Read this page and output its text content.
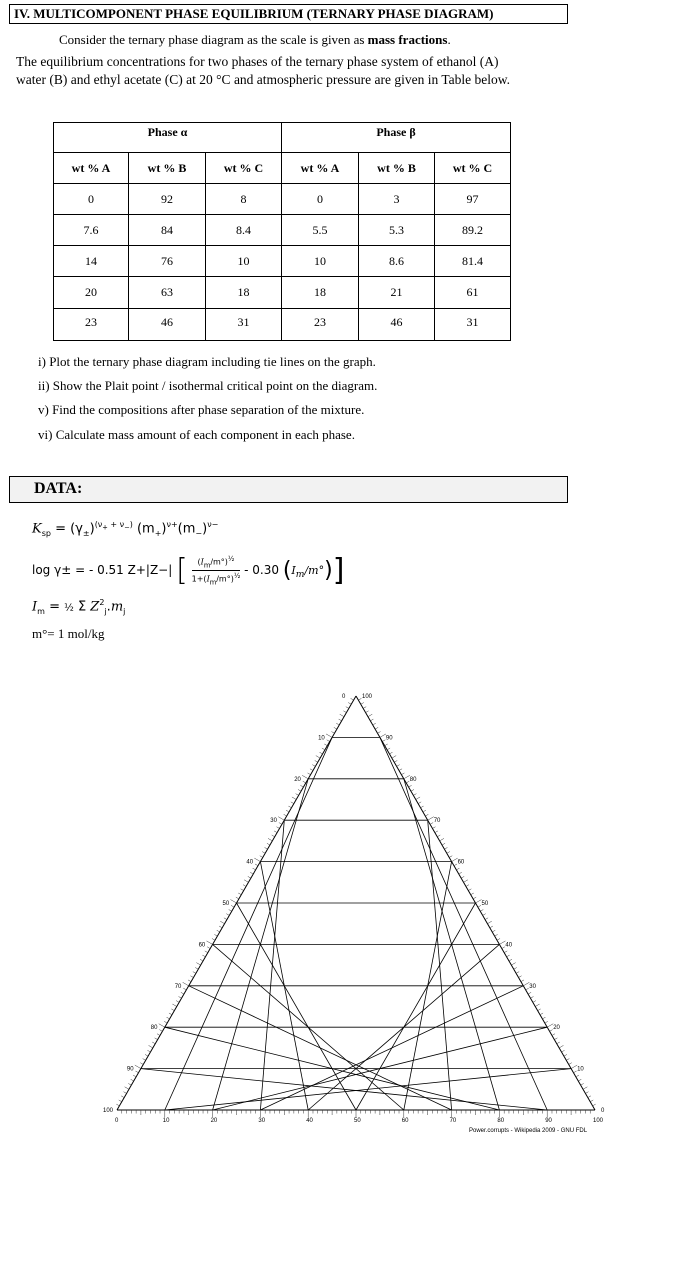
IV. MULTICOMPONENT PHASE EQUILIBRIUM (TERNARY PHASE DIAGRAM)
Consider the ternary phase diagram as the scale is given as mass fractions.
The equilibrium concentrations for two phases of the ternary phase system of ethanol (A)
water (B) and ethyl acetate (C) at 20 °C and atmospheric pressure are given in Table below.
Phase α			Phase β		
wt % A	wt % B	wt % C	wt % A	wt % B	wt % C
0	92	8	0	3	97
7.6	84	8.4	5.5	5.3	89.2
14	76	10	10	8.6	81.4
20	63	18	18	21	61
23	46	31	23	46	31
i) Plot the ternary phase diagram including tie lines on the graph.
ii) Show the Plait point / isothermal critical point on the diagram.
v) Find the compositions after phase separation of the mixture.
vi) Calculate mass amount of each component in each phase.
DATA:
$K_{sp} = (\gamma_\pm)^{(\nu_+ + \nu_-)}$ $(m_+)^{\nu+}(m_-)^{\nu-}$
log γ± = - 0.51 Z+|Z−| [ $\frac{(I_m/m^\circ)^{\frac{1}{2}}}{1+(I_m/m^\circ)^{\frac{1}{2}}} - 0.30$ $(I_m/m^\circ)$]
$I_m$ = ½ Σ $Z^2_j.m_j$
m°= 1 mol/kg
0
10
20
30
40
50
60
70
80
90
100
100
90
80
70
60
50
40
30
20
10
0
0	10	20	30	40	50	60	70	80	90	100
Power.corrupts - Wikipedia 2009 - GNU FDL
